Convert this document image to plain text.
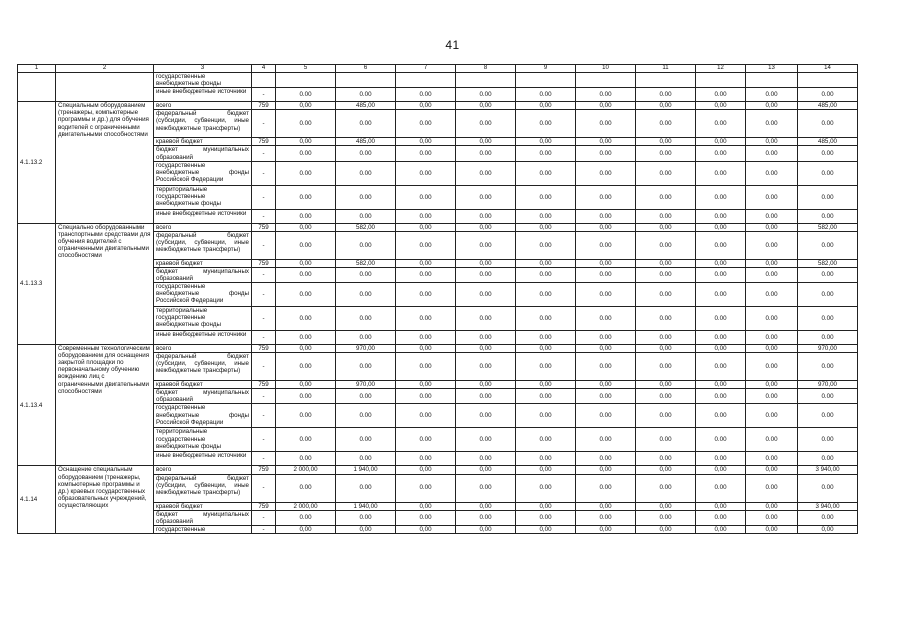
41
1	2	3	4	5	6	7	8	9	10	11	12	13	14

		государственные внебюджетные фонды											

		иные внебюджетные источники	-	0.00	0.00	0.00	0.00	0.00	0.00	0.00	0.00	0.00	0.00
4.1.13.2	Специальным оборудованием (тренажеры, компьютерные программы и др.) для обучения водителей с ограниченными двигательными способностями	всего	759	0,00	485,00	0,00	0,00	0,00	0,00	0,00	0,00	0,00	485,00

		федеральный бюджет (субсидии, субвенции, иные межбюджетные трансферты)	-	0.00	0.00	0.00	0.00	0.00	0.00	0.00	0.00	0.00	0.00

		краевой бюджет	759	0,00	485,00	0,00	0,00	0,00	0,00	0,00	0,00	0,00	485,00

		бюджет муниципальных образований	-	0.00	0.00	0.00	0.00	0.00	0.00	0.00	0.00	0.00	0.00

		государственные внебюджетные фонды Российской Федерации	-	0.00	0.00	0.00	0.00	0.00	0.00	0.00	0.00	0.00	0.00

		территориальные государственные внебюджетные фонды	-	0.00	0.00	0.00	0.00	0.00	0.00	0.00	0.00	0.00	0.00

		иные внебюджетные источники	-	0.00	0.00	0.00	0.00	0.00	0.00	0.00	0.00	0.00	0.00
4.1.13.3	Специально оборудованными транспортными средствами для обучения водителей с ограниченными двигательными способностями	всего	759	0,00	582,00	0,00	0,00	0,00	0,00	0,00	0,00	0,00	582,00

		федеральный бюджет (субсидии, субвенции, иные межбюджетные трансферты)	-	0.00	0.00	0.00	0.00	0.00	0.00	0.00	0.00	0.00	0.00

		краевой бюджет	759	0,00	582,00	0,00	0,00	0,00	0,00	0,00	0,00	0,00	582,00

		бюджет муниципальных образований	-	0.00	0.00	0.00	0.00	0.00	0.00	0.00	0.00	0.00	0.00

		государственные внебюджетные фонды Российской Федерации	-	0.00	0.00	0.00	0.00	0.00	0.00	0.00	0.00	0.00	0.00

		территориальные государственные внебюджетные фонды	-	0.00	0.00	0.00	0.00	0.00	0.00	0.00	0.00	0.00	0.00

		иные внебюджетные источники	-	0.00	0.00	0.00	0.00	0.00	0.00	0.00	0.00	0.00	0.00
4.1.13.4	Современным технологическим оборудованием для оснащения закрытой площадки по первоначальному обучению вождению лиц с ограниченными двигательными способностями	всего	759	0,00	970,00	0,00	0,00	0,00	0,00	0,00	0,00	0,00	970,00

		федеральный бюджет (субсидии, субвенции, иные межбюджетные трансферты)	-	0.00	0.00	0.00	0.00	0.00	0.00	0.00	0.00	0.00	0.00

		краевой бюджет	759	0,00	970,00	0,00	0,00	0,00	0,00	0,00	0,00	0,00	970,00

		бюджет муниципальных образований	-	0.00	0.00	0.00	0.00	0.00	0.00	0.00	0.00	0.00	0.00

		государственные внебюджетные фонды Российской Федерации	-	0.00	0.00	0.00	0.00	0.00	0.00	0.00	0.00	0.00	0.00

		территориальные государственные внебюджетные фонды	-	0.00	0.00	0.00	0.00	0.00	0.00	0.00	0.00	0.00	0.00

		иные внебюджетные источники	-	0.00	0.00	0.00	0.00	0.00	0.00	0.00	0.00	0.00	0.00
4.1.14	Оснащение специальным оборудованием (тренажеры, компьютерные программы и др.) краевых государственных образовательных учреждений, осуществляющих	всего	759	2 000,00	1 940,00	0,00	0,00	0,00	0,00	0,00	0,00	0,00	3 940,00

		федеральный бюджет (субсидии, субвенции, иные межбюджетные трансферты)	-	0.00	0.00	0.00	0.00	0.00	0.00	0.00	0.00	0.00	0.00

		краевой бюджет	759	2 000,00	1 940,00	0,00	0,00	0,00	0,00	0,00	0,00	0,00	3 940,00

		бюджет муниципальных образований	-	0.00	0.00	0.00	0.00	0.00	0.00	0.00	0.00	0.00	0.00

		государственные	-	0,00	0,00	0,00	0,00	0,00	0,00	0,00	0,00	0,00	0,00
